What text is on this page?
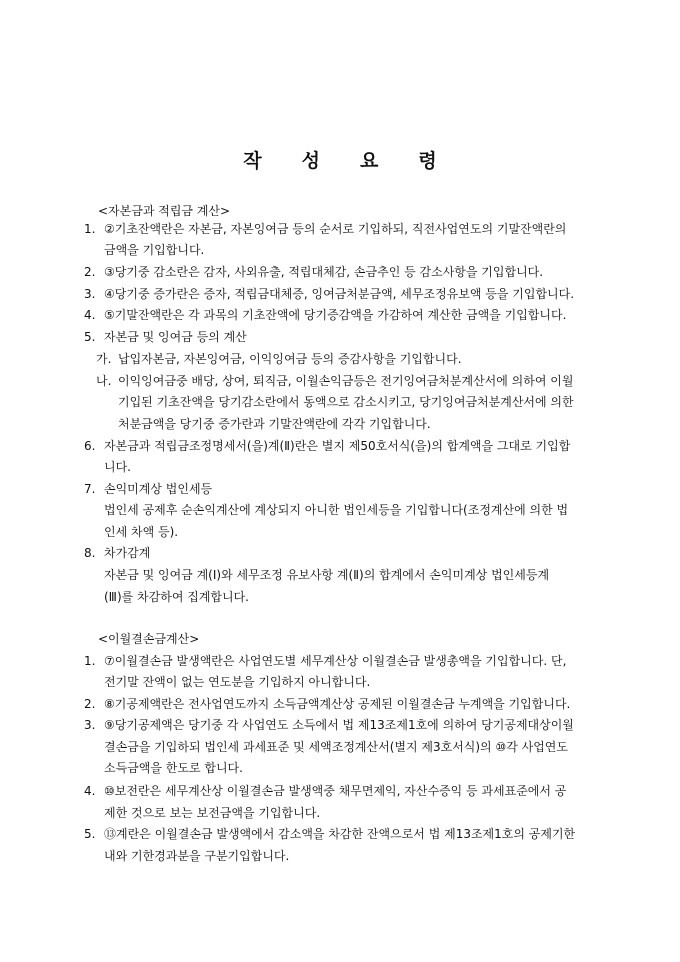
작 성 요 령
<자본금과 적립금 계산>
1. ②기초잔액란은 자본금, 자본잉여금 등의 순서로 기입하되, 직전사업연도의 기말잔액란의
금액을 기입합니다.
2. ③당기중 감소란은 감자, 사외유출, 적립대체감, 손금추인 등 감소사항을 기입합니다.
3. ④당기중 증가란은 증자, 적립금대체증, 잉여금처분금액, 세무조정유보액 등을 기입합니다.
4. ⑤기말잔액란은 각 과목의 기초잔액에 당기증감액을 가감하여 계산한 금액을 기입합니다.
5. 자본금 및 잉여금 등의 계산
가. 납입자본금, 자본잉여금, 이익잉여금 등의 증감사항을 기입합니다.
나. 이익잉여금중 배당, 상여, 퇴직금, 이월손익금등은 전기잉여금처분계산서에 의하여 이월
기입된 기초잔액을 당기감소란에서 동액으로 감소시키고, 당기잉여금처분계산서에 의한
처분금액을 당기중 증가란과 기말잔액란에 각각 기입합니다.
6. 자본금과 적립금조정명세서(을)계(Ⅱ)란은 별지 제50호서식(을)의 합계액을 그대로 기입합
니다.
7. 손익미계상 법인세등
법인세 공제후 순손익계산에 계상되지 아니한 법인세등을 기입합니다(조정계산에 의한 법
인세 차액 등).
8. 차가감계
자본금 및 잉여금 계(Ⅰ)와 세무조정 유보사항 계(Ⅱ)의 합계에서 손익미계상 법인세등계
(Ⅲ)를 차감하여 집계합니다.
<이월결손금계산>
1. ⑦이월결손금 발생액란은 사업연도별 세무계산상 이월결손금 발생총액을 기입합니다. 단,
전기말 잔액이 없는 연도분을 기입하지 아니합니다.
2. ⑧기공제액란은 전사업연도까지 소득금액계산상 공제된 이월결손금 누계액을 기입합니다.
3. ⑨당기공제액은 당기중 각 사업연도 소득에서 법 제13조제1호에 의하여 당기공제대상이월
결손금을 기입하되 법인세 과세표준 및 세액조정계산서(별지 제3호서식)의 ⑩각 사업연도
소득금액을 한도로 합니다.
4. ⑩보전란은 세무계산상 이월결손금 발생액중 채무면제익, 자산수증익 등 과세표준에서 공
제한 것으로 보는 보전금액을 기입합니다.
5. ⑬계란은 이월결손금 발생액에서 감소액을 차감한 잔액으로서 법 제13조제1호의 공제기한
내와 기한경과분을 구분기입합니다.
